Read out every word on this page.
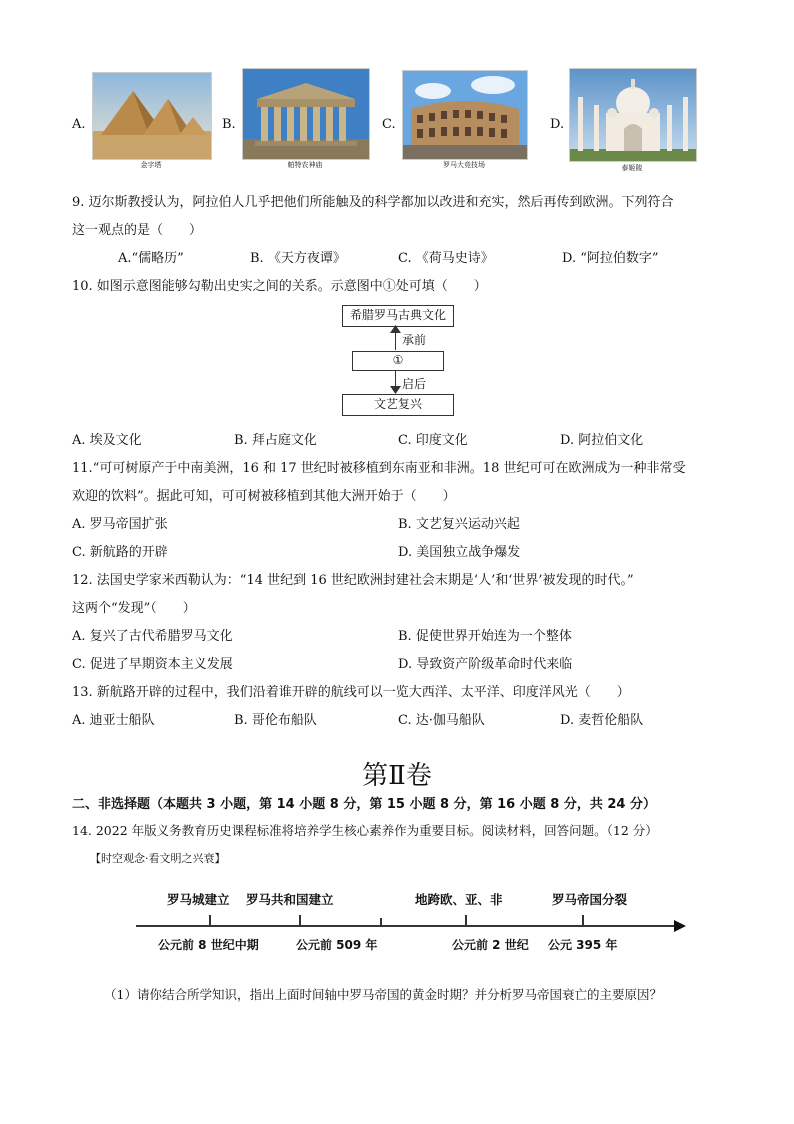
A.
金字塔
B.
帕特农神庙
C.
罗马大竞技场
D.
泰姬陵
9. 迈尔斯教授认为，阿拉伯人几乎把他们所能触及的科学都加以改进和充实，然后再传到欧洲。下列符合
这一观点的是（　　）
A.“儒略历”	B. 《天方夜谭》	C. 《荷马史诗》	D. “阿拉伯数字”
10. 如图示意图能够勾勒出史实之间的关系。示意图中①处可填（　　）
希腊罗马古典文化
承前
①
启后
文艺复兴
A. 埃及文化	B. 拜占庭文化	C. 印度文化	D. 阿拉伯文化
11.“可可树原产于中南美洲，16 和 17 世纪时被移植到东南亚和非洲。18 世纪可可在欧洲成为一种非常受
欢迎的饮料”。据此可知，可可树被移植到其他大洲开始于（　　）
A. 罗马帝国扩张	B. 文艺复兴运动兴起
C. 新航路的开辟	D. 美国独立战争爆发
12. 法国史学家米西勒认为：“14 世纪到 16 世纪欧洲封建社会末期是‘人’和‘世界’被发现的时代。”
这两个“发现”（　　）
A. 复兴了古代希腊罗马文化	B. 促使世界开始连为一个整体
C. 促进了早期资本主义发展	D. 导致资产阶级革命时代来临
13. 新航路开辟的过程中，我们沿着谁开辟的航线可以一览大西洋、太平洋、印度洋风光（　　）
A. 迪亚士船队	B. 哥伦布船队	C. 达·伽马船队	D. 麦哲伦船队
第Ⅱ卷
二、非选择题（本题共 3 小题，第 14 小题 8 分，第 15 小题 8 分，第 16 小题 8 分，共 24 分）
14. 2022 年版义务教育历史课程标准将培养学生核心素养作为重要目标。阅读材料，回答问题。（12 分）
【时空观念·看文明之兴衰】
罗马城建立 罗马共和国建立	地跨欧、亚、非	罗马帝国分裂
公元前 8 世纪中期	公元前 509 年	公元前 2 世纪 公元 395 年
（1）请你结合所学知识，指出上面时间轴中罗马帝国的黄金时期？并分析罗马帝国衰亡的主要原因？
